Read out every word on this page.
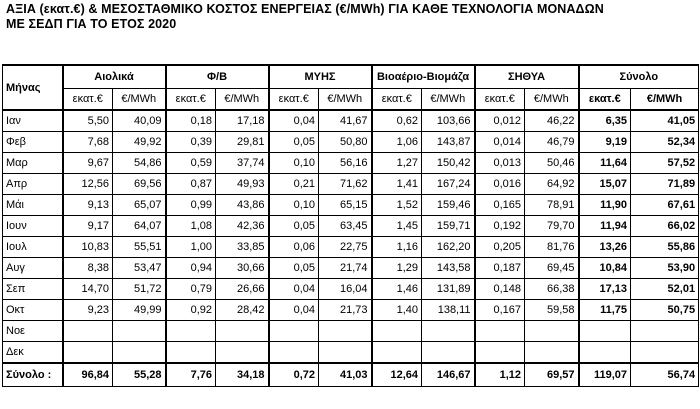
ΑΞΙΑ (εκατ.€) & ΜΕΣΟΣΤΑΘΜΙΚΟ ΚΟΣΤΟΣ ΕΝΕΡΓΕΙΑΣ (€/MWh) ΓΙΑ ΚΑΘΕ ΤΕΧΝΟΛΟΓΙΑ ΜΟΝΑΔΩΝ
ΜΕ ΣΕΔΠ ΓΙΑ ΤΟ ΕΤΟΣ 2020
Μήνας	Αιολικά		Φ/Β		ΜΥΗΣ		Βιοαέριο-Βιομάζα		ΣΗΘΥΑ		Σύνολο	
	εκατ.€	€/MWh	εκατ.€	€/MWh	εκατ.€	€/MWh	εκατ.€	€/MWh	εκατ.€	€/MWh	εκατ.€	€/MWh
Ιαν	5,50	40,09	0,18	17,18	0,04	41,67	0,62	103,66	0,012	46,22	6,35	41,05
Φεβ	7,68	49,92	0,39	29,81	0,05	50,80	1,06	143,87	0,014	46,79	9,19	52,34
Μαρ	9,67	54,86	0,59	37,74	0,10	56,16	1,27	150,42	0,013	50,46	11,64	57,52
Απρ	12,56	69,56	0,87	49,93	0,21	71,62	1,41	167,24	0,016	64,92	15,07	71,89
Μάι	9,13	65,07	0,99	43,86	0,10	65,15	1,52	159,46	0,165	78,91	11,90	67,61
Ιουν	9,17	64,07	1,08	42,36	0,05	63,45	1,45	159,71	0,192	79,70	11,94	66,02
Ιουλ	10,83	55,51	1,00	33,85	0,06	22,75	1,16	162,20	0,205	81,76	13,26	55,86
Αυγ	8,38	53,47	0,94	30,66	0,05	21,74	1,29	143,58	0,187	69,45	10,84	53,90
Σεπ	14,70	51,72	0,79	26,66	0,04	16,04	1,46	131,89	0,148	66,38	17,13	52,01
Οκτ	9,23	49,99	0,92	28,42	0,04	21,73	1,40	138,11	0,167	59,58	11,75	50,75
Νοε												
Δεκ												
Σύνολο :	96,84	55,28	7,76	34,18	0,72	41,03	12,64	146,67	1,12	69,57	119,07	56,74
